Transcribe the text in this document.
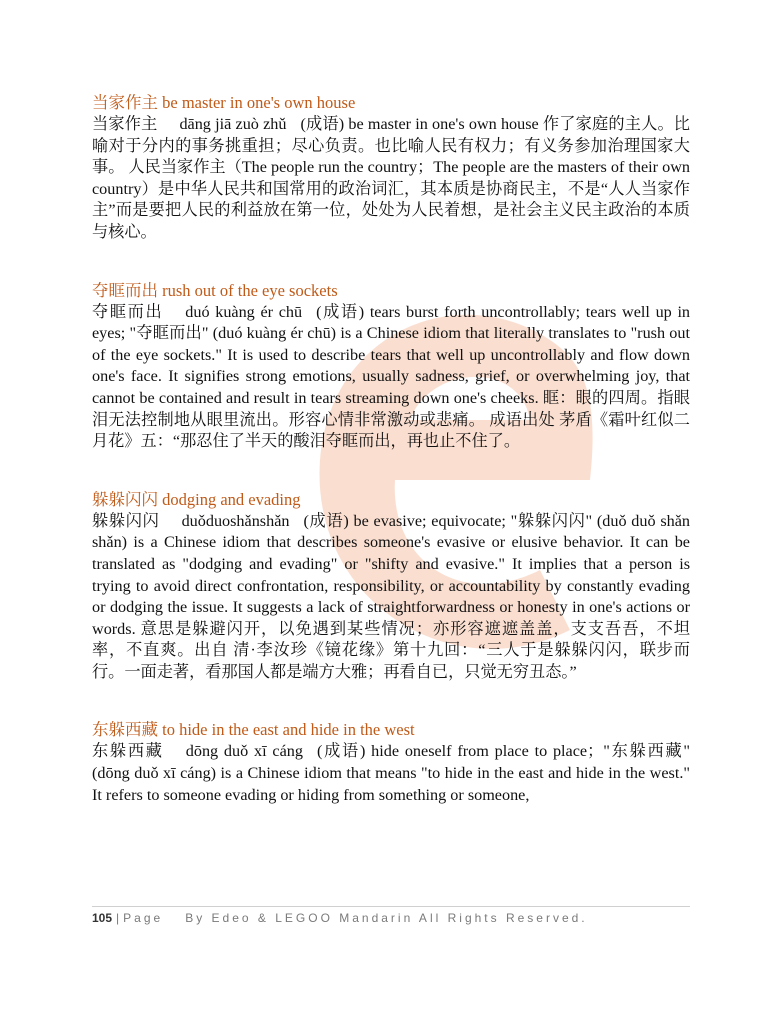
当家作主 be master in one's own house

当家作主 dāng jiā zuò zhǔ (成语) be master in one's own house 作了家庭的主人。比喻对于分内的事务挑重担；尽心负责。也比喻人民有权力；有义务参加治理国家大事。 人民当家作主（The people run the country；The people are the masters of their own country）是中华人民共和国常用的政治词汇，其本质是协商民主，不是“人人当家作主”而是要把人民的利益放在第一位，处处为人民着想，是社会主义民主政治的本质与核心。

夺眶而出 rush out of the eye sockets

夺眶而出 duó kuàng ér chū (成语) tears burst forth uncontrollably; tears well up in eyes; "夺眶而出" (duó kuàng ér chū) is a Chinese idiom that literally translates to "rush out of the eye sockets." It is used to describe tears that well up uncontrollably and flow down one's face. It signifies strong emotions, usually sadness, grief, or overwhelming joy, that cannot be contained and result in tears streaming down one's cheeks. 眶：眼的四周。指眼泪无法控制地从眼里流出。形容心情非常激动或悲痛。 成语出处 茅盾《霜叶红似二月花》五：“那忍住了半天的酸泪夺眶而出，再也止不住了。

躲躲闪闪 dodging and evading

躲躲闪闪 duǒduoshǎnshǎn (成语) be evasive; equivocate; "躲躲闪闪" (duǒ duǒ shǎn shǎn) is a Chinese idiom that describes someone's evasive or elusive behavior. It can be translated as "dodging and evading" or "shifty and evasive." It implies that a person is trying to avoid direct confrontation, responsibility, or accountability by constantly evading or dodging the issue. It suggests a lack of straightforwardness or honesty in one's actions or words. 意思是躲避闪开，以免遇到某些情况；亦形容遮遮盖盖，支支吾吾，不坦率，不直爽。出自 清·李汝珍《镜花缘》第十九回：“三人于是躲躲闪闪，联步而行。一面走著，看那国人都是端方大雅；再看自已，只觉无穷丑态。”

东躲西藏 to hide in the east and hide in the west

东躲西藏 dōng duǒ xī cáng (成语) hide oneself from place to place；"东躲西藏" (dōng duǒ xī cáng) is a Chinese idiom that means "to hide in the east and hide in the west." It refers to someone evading or hiding from something or someone,

105 | Page By Edeo & LEGOO Mandarin All Rights Reserved.
